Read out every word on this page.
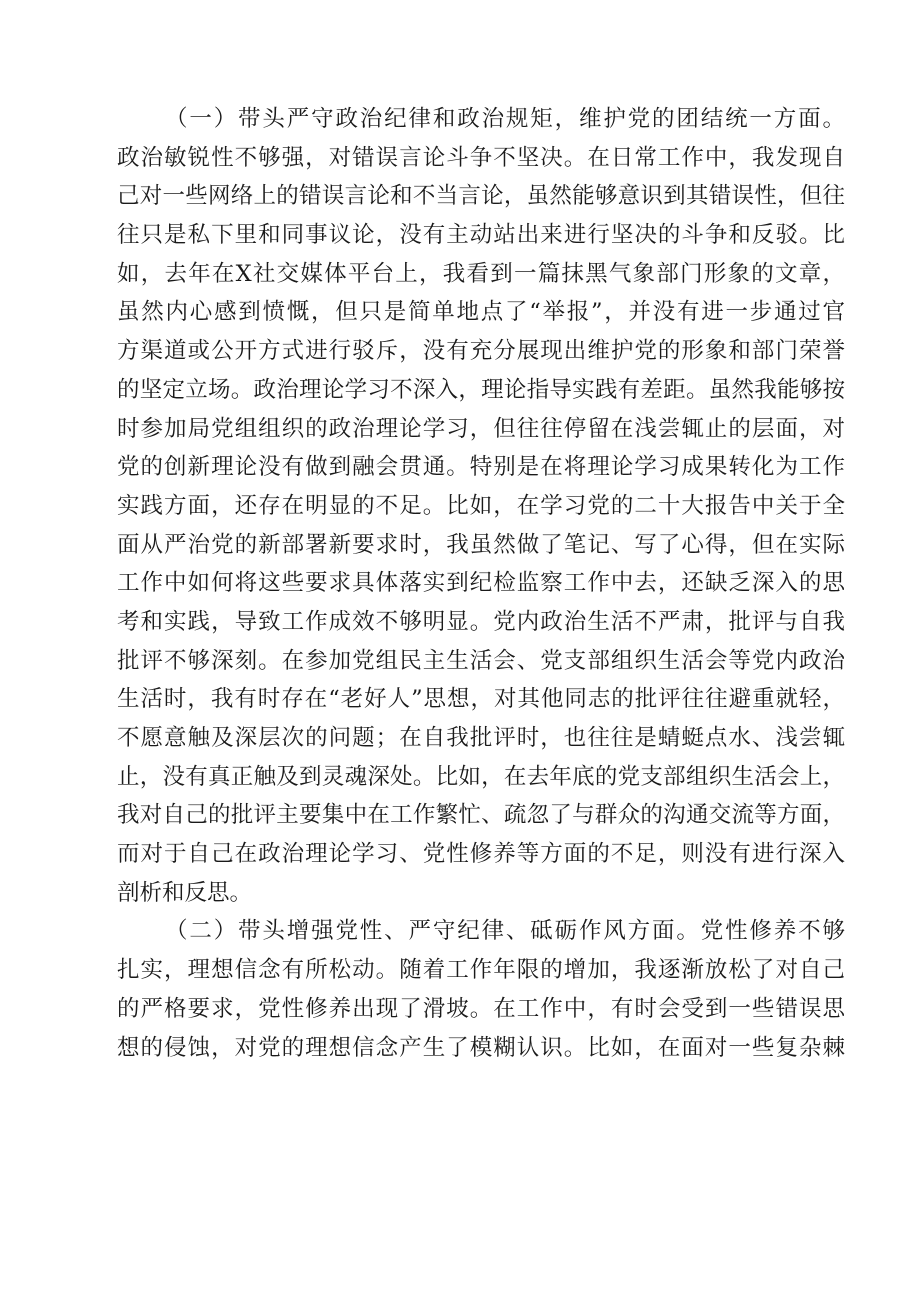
（一）带头严守政治纪律和政治规矩，维护党的团结统一方面。
政治敏锐性不够强，对错误言论斗争不坚决。在日常工作中，我发现自
己对一些网络上的错误言论和不当言论，虽然能够意识到其错误性，但往
往只是私下里和同事议论，没有主动站出来进行坚决的斗争和反驳。比
如，去年在X社交媒体平台上，我看到一篇抹黑气象部门形象的文章，
虽然内心感到愤慨，但只是简单地点了“举报”，并没有进一步通过官
方渠道或公开方式进行驳斥，没有充分展现出维护党的形象和部门荣誉
的坚定立场。政治理论学习不深入，理论指导实践有差距。虽然我能够按
时参加局党组组织的政治理论学习，但往往停留在浅尝辄止的层面，对
党的创新理论没有做到融会贯通。特别是在将理论学习成果转化为工作
实践方面，还存在明显的不足。比如，在学习党的二十大报告中关于全
面从严治党的新部署新要求时，我虽然做了笔记、写了心得，但在实际
工作中如何将这些要求具体落实到纪检监察工作中去，还缺乏深入的思
考和实践，导致工作成效不够明显。党内政治生活不严肃，批评与自我
批评不够深刻。在参加党组民主生活会、党支部组织生活会等党内政治
生活时，我有时存在“老好人”思想，对其他同志的批评往往避重就轻，
不愿意触及深层次的问题；在自我批评时，也往往是蜻蜓点水、浅尝辄
止，没有真正触及到灵魂深处。比如，在去年底的党支部组织生活会上，
我对自己的批评主要集中在工作繁忙、疏忽了与群众的沟通交流等方面，
而对于自己在政治理论学习、党性修养等方面的不足，则没有进行深入
剖析和反思。
（二）带头增强党性、严守纪律、砥砺作风方面。党性修养不够
扎实，理想信念有所松动。随着工作年限的增加，我逐渐放松了对自己
的严格要求，党性修养出现了滑坡。在工作中，有时会受到一些错误思
想的侵蚀，对党的理想信念产生了模糊认识。比如，在面对一些复杂棘
